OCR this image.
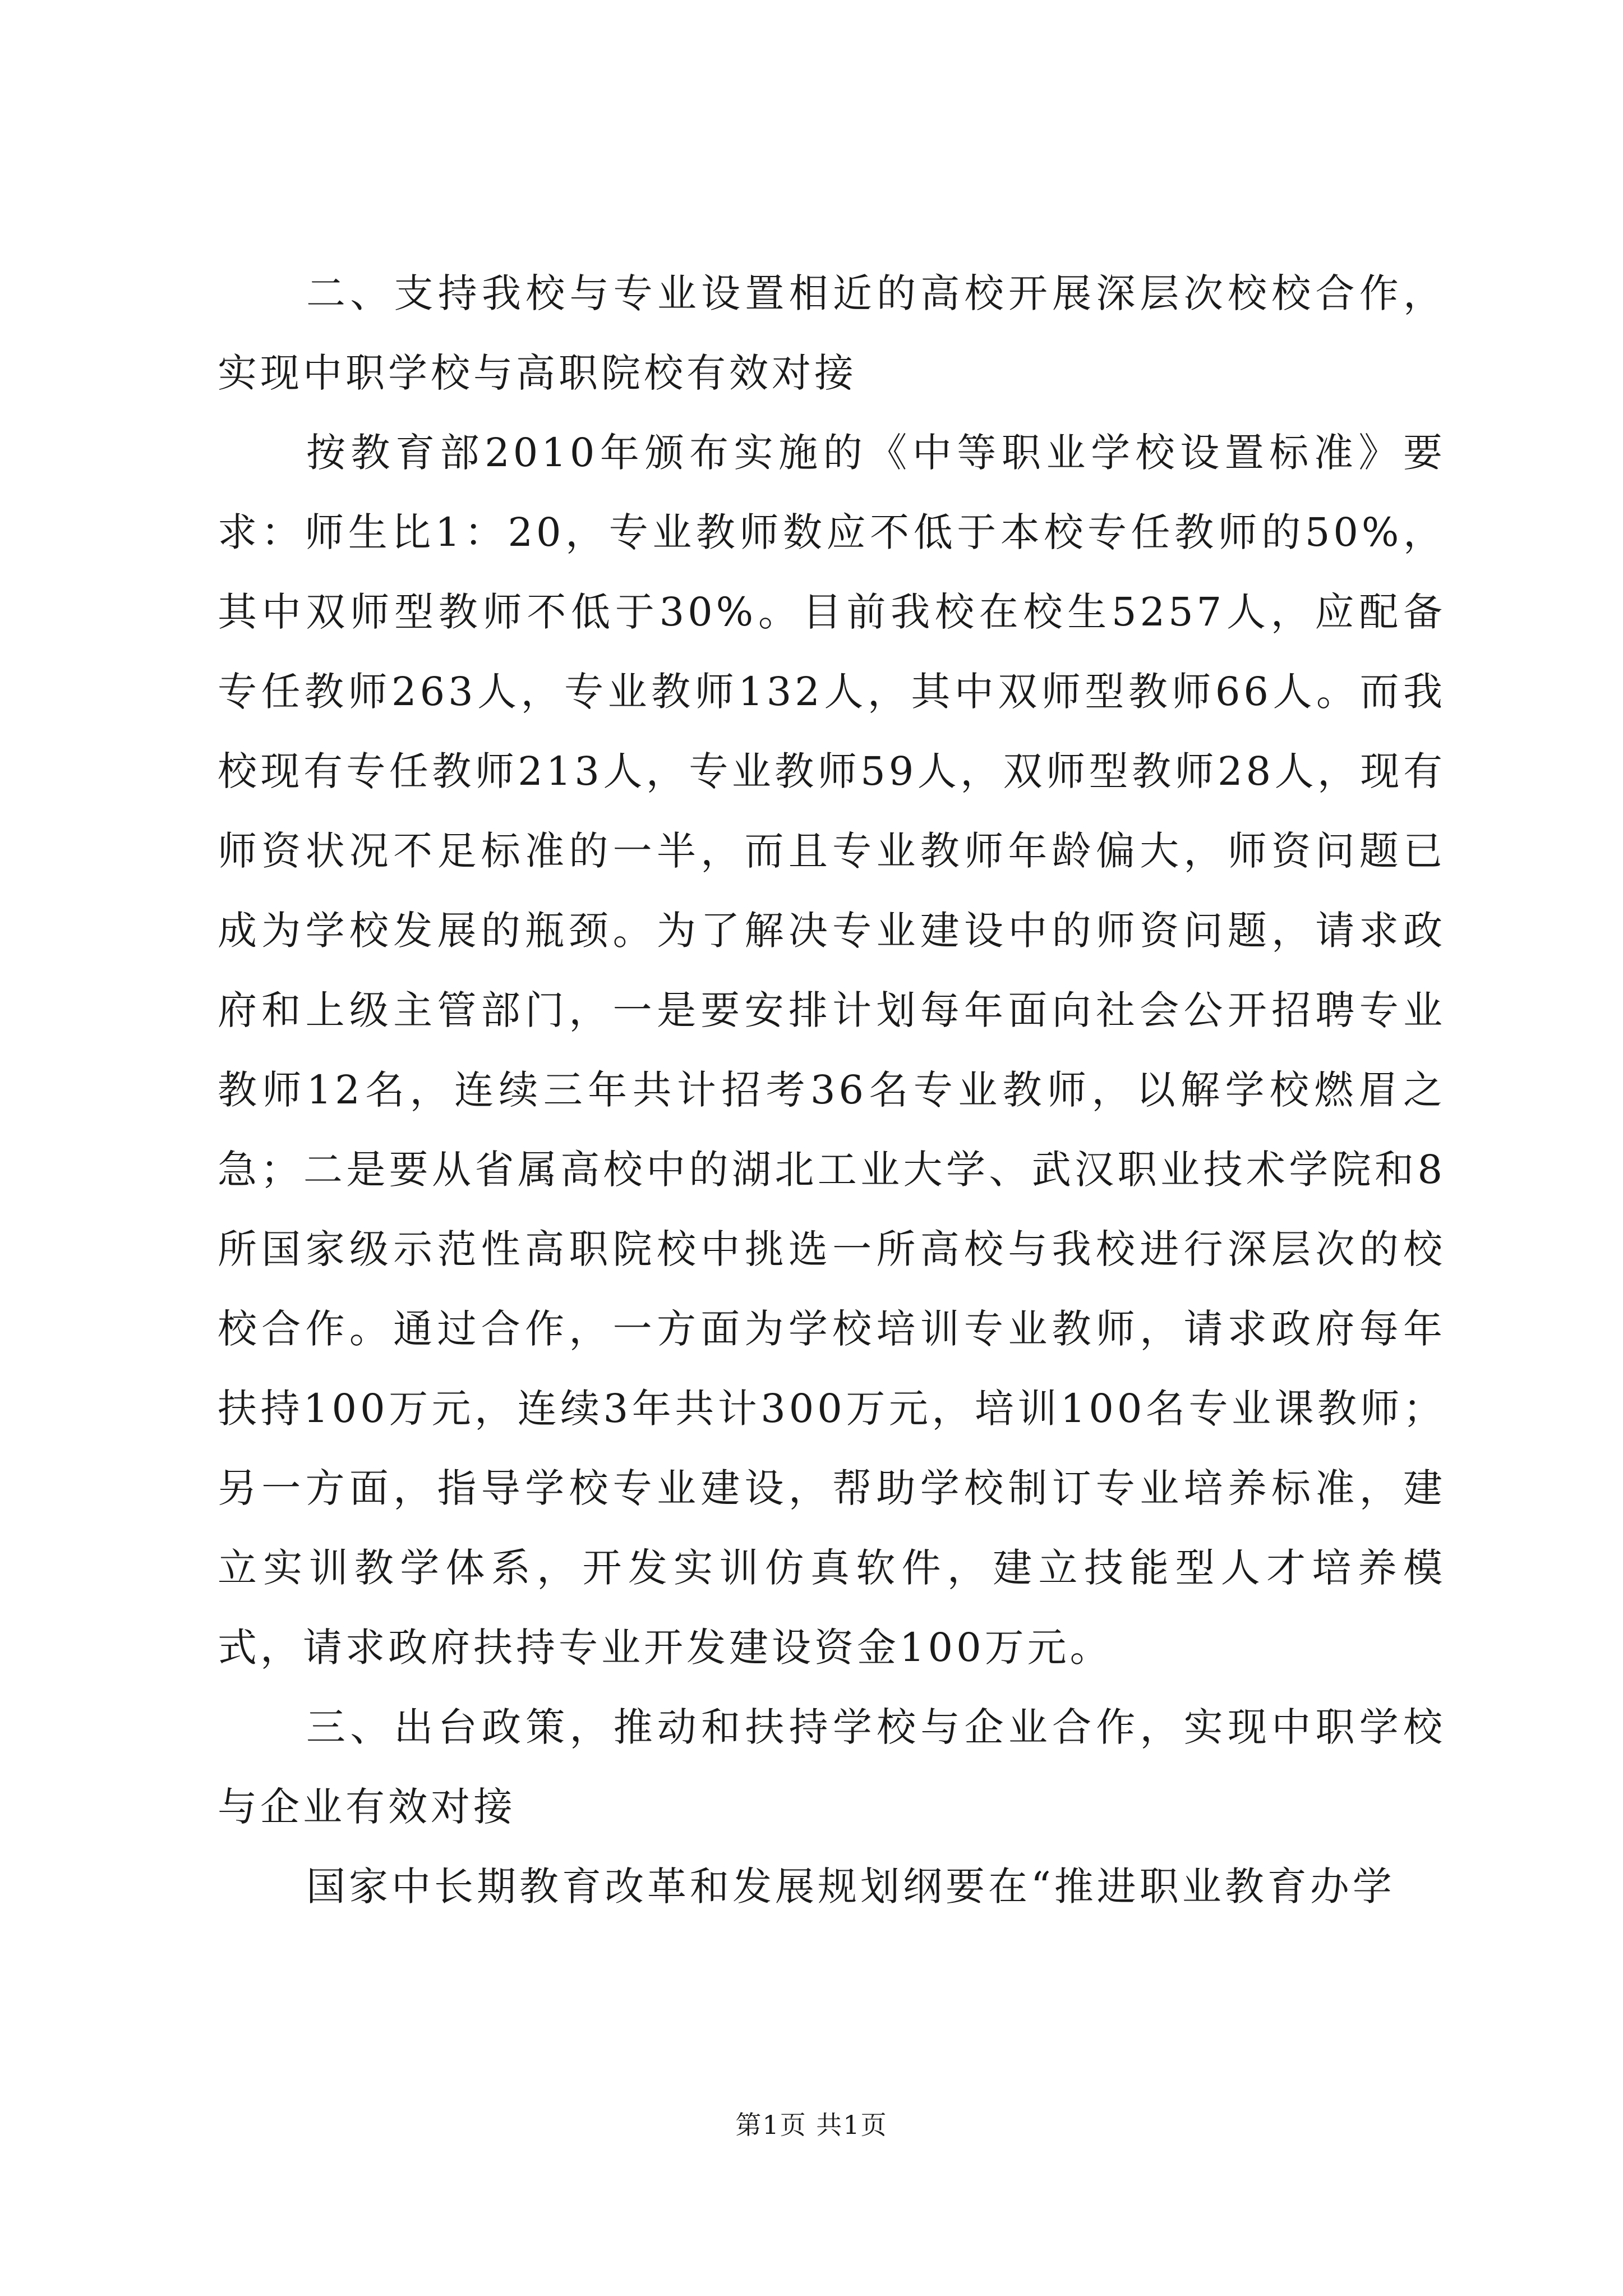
二、支持我校与专业设置相近的高校开展深层次校校合作，实现中职学校与高职院校有效对接

按教育部2010年颁布实施的《中等职业学校设置标准》要求：师生比1：20，专业教师数应不低于本校专任教师的50%，其中双师型教师不低于30%。目前我校在校生5257人，应配备专任教师263人，专业教师132人，其中双师型教师66人。而我校现有专任教师213人，专业教师59人，双师型教师28人，现有师资状况不足标准的一半，而且专业教师年龄偏大，师资问题已成为学校发展的瓶颈。为了解决专业建设中的师资问题，请求政府和上级主管部门，一是要安排计划每年面向社会公开招聘专业教师12名，连续三年共计招考36名专业教师，以解学校燃眉之急；二是要从省属高校中的湖北工业大学、武汉职业技术学院和8所国家级示范性高职院校中挑选一所高校与我校进行深层次的校校合作。通过合作，一方面为学校培训专业教师，请求政府每年扶持100万元，连续3年共计300万元，培训100名专业课教师；另一方面，指导学校专业建设，帮助学校制订专业培养标准，建立实训教学体系，开发实训仿真软件，建立技能型人才培养模式，请求政府扶持专业开发建设资金100万元。

三、出台政策，推动和扶持学校与企业合作，实现中职学校与企业有效对接

国家中长期教育改革和发展规划纲要在“推进职业教育办学

第1页 共1页
